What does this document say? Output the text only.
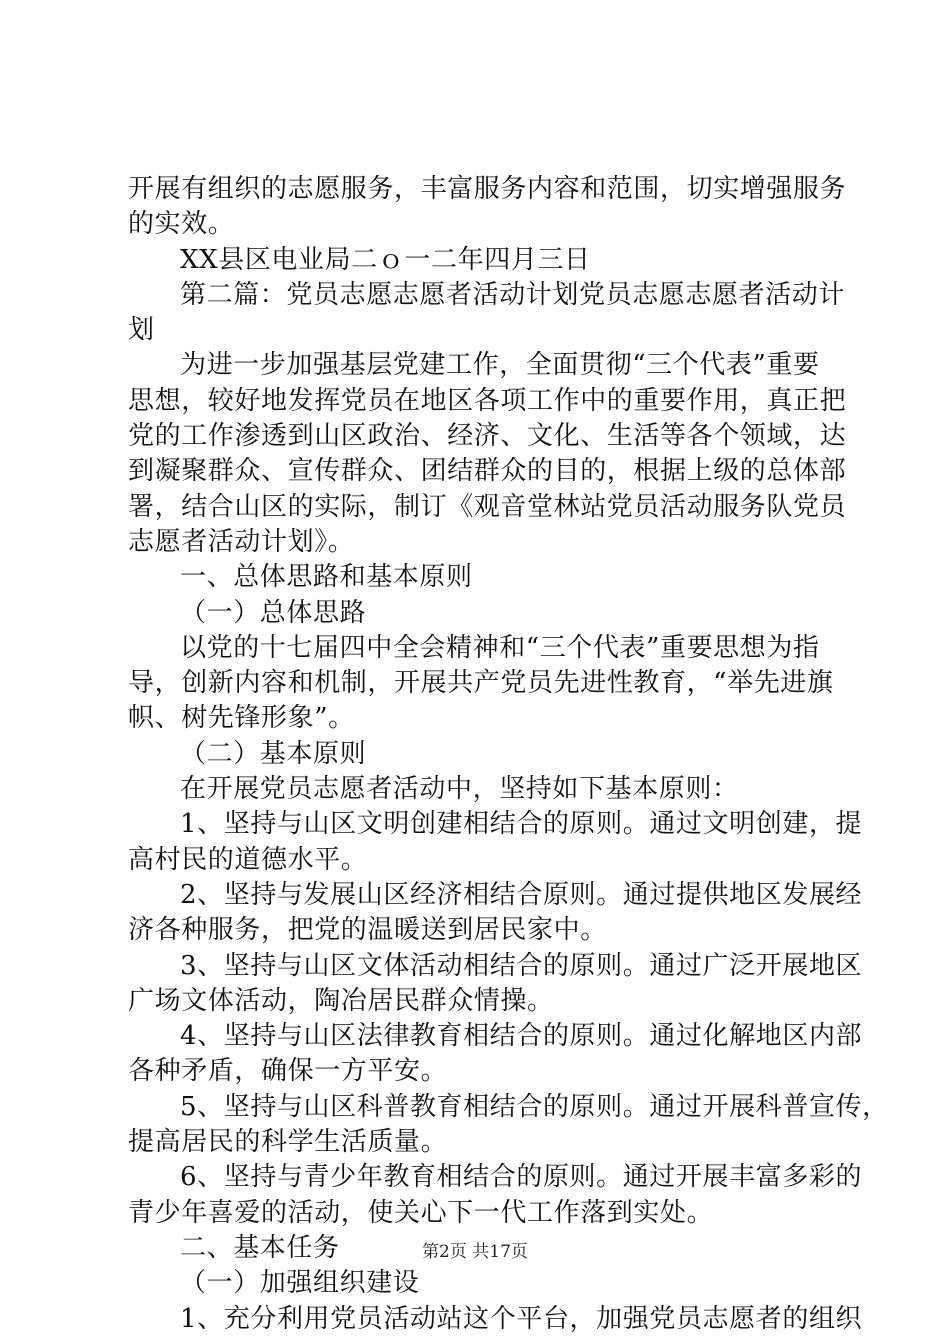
开展有组织的志愿服务，丰富服务内容和范围，切实增强服务
的实效。
XX县区电业局二ｏ一二年四月三日
第二篇：党员志愿志愿者活动计划党员志愿志愿者活动计
划
为进一步加强基层党建工作，全面贯彻“三个代表”重要
思想，较好地发挥党员在地区各项工作中的重要作用，真正把
党的工作渗透到山区政治、经济、文化、生活等各个领域，达
到凝聚群众、宣传群众、团结群众的目的，根据上级的总体部
署，结合山区的实际，制订《观音堂林站党员活动服务队党员
志愿者活动计划》。
一、总体思路和基本原则
（一）总体思路
以党的十七届四中全会精神和“三个代表”重要思想为指
导，创新内容和机制，开展共产党员先进性教育，“举先进旗
帜、树先锋形象”。
（二）基本原则
在开展党员志愿者活动中，坚持如下基本原则：
1、坚持与山区文明创建相结合的原则。通过文明创建，提
高村民的道德水平。
2、坚持与发展山区经济相结合原则。通过提供地区发展经
济各种服务，把党的温暖送到居民家中。
3、坚持与山区文体活动相结合的原则。通过广泛开展地区
广场文体活动，陶冶居民群众情操。
4、坚持与山区法律教育相结合的原则。通过化解地区内部
各种矛盾，确保一方平安。
5、坚持与山区科普教育相结合的原则。通过开展科普宣传，
提高居民的科学生活质量。
6、坚持与青少年教育相结合的原则。通过开展丰富多彩的
青少年喜爱的活动，使关心下一代工作落到实处。
二、基本任务
（一）加强组织建设
1、充分利用党员活动站这个平台，加强党员志愿者的组织
第2页 共17页
